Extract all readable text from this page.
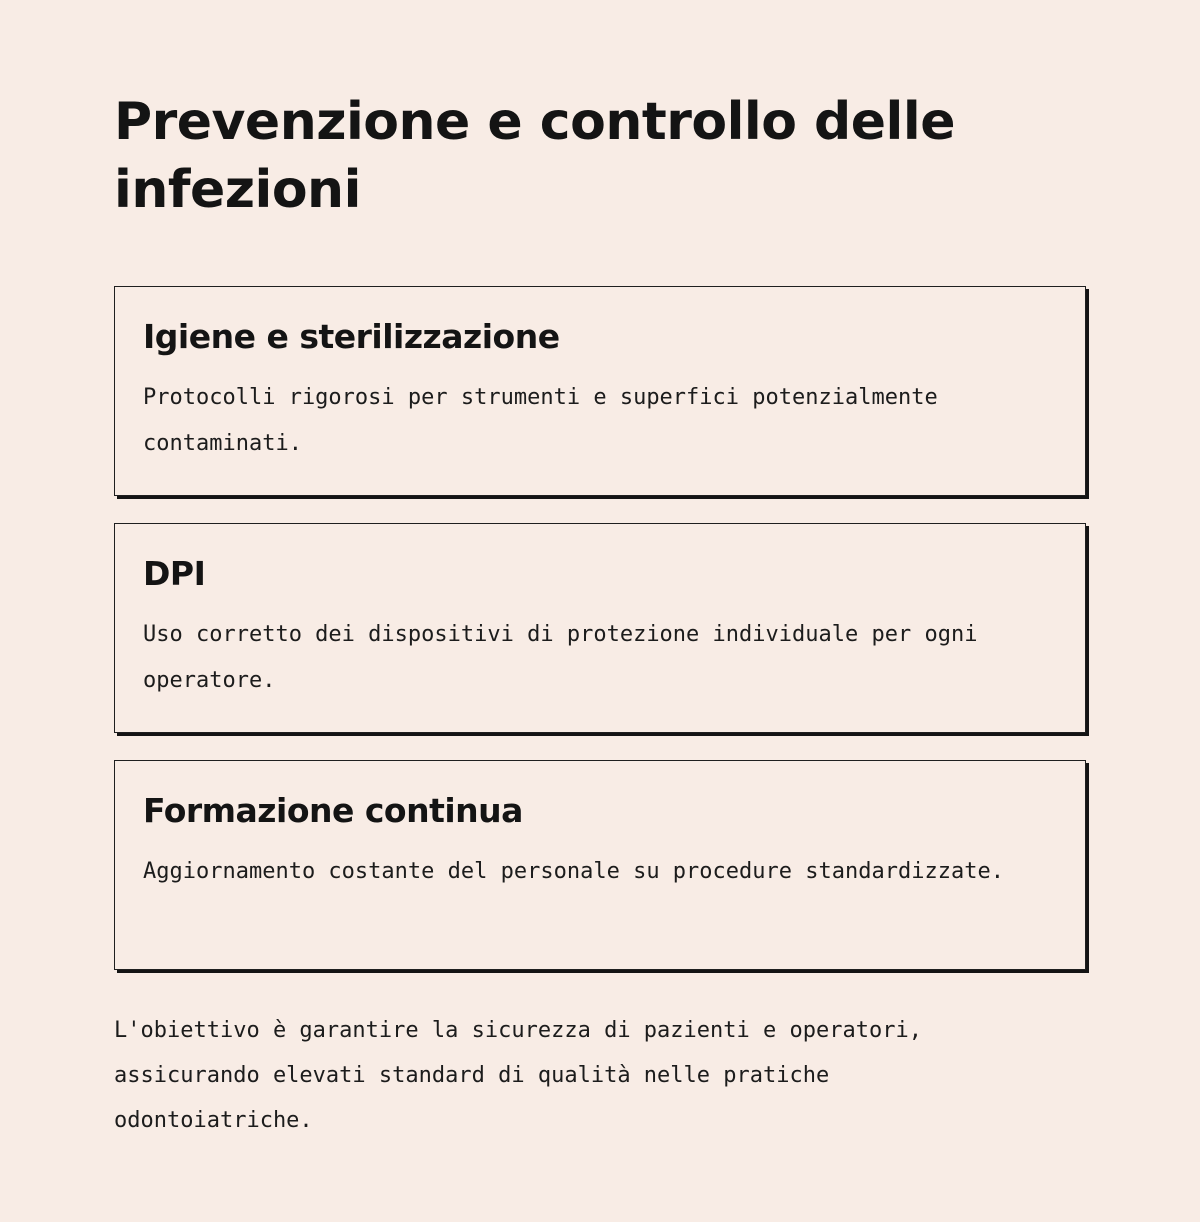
Prevenzione e controllo delle infezioni
Igiene e sterilizzazione

Protocolli rigorosi per strumenti e superfici potenzialmente contaminati.

DPI

Uso corretto dei dispositivi di protezione individuale per ogni operatore.

Formazione continua

Aggiornamento costante del personale su procedure standardizzate.

L'obiettivo è garantire la sicurezza di pazienti e operatori, assicurando elevati standard di qualità nelle pratiche odontoiatriche.
